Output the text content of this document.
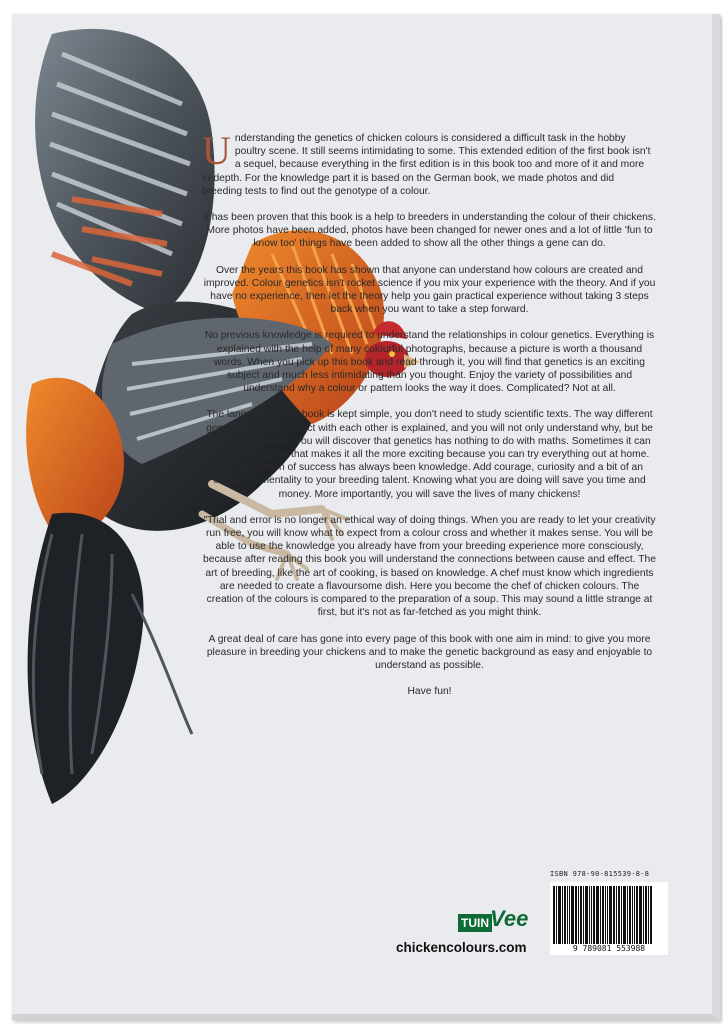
Understanding the genetics of chicken colours is considered a difficult task in the hobby poultry scene. It still seems intimidating to some. This extended edition of the first book isn't a sequel, because everything in the first edition is in this book too and more of it and more in-depth. For the knowledge part it is based on the German book, we made photos and did breeding tests to find out the genotype of a colour.

It has been proven that this book is a help to breeders in understanding the colour of their chickens. More photos have been added, photos have been changed for newer ones and a lot of little 'fun to know too' things have been added to show all the other things a gene can do.

Over the years this book has shown that anyone can understand how colours are created and improved. Colour genetics isn't rocket science if you mix your experience with the theory. And if you have no experience, then let the theory help you gain practical experience without taking 3 steps back when you want to take a step forward.

No previous knowledge is required to understand the relationships in colour genetics. Everything is explained with the help of many colourful photographs, because a picture is worth a thousand words. When you pick up this book and read through it, you will find that genetics is an exciting subject and much less intimidating than you thought. Enjoy the variety of possibilities and understand why a colour or pattern looks the way it does. Complicated? Not at all.

The language in this book is kept simple, you don't need to study scientific texts. The way different genes work and interact with each other is explained, and you will not only understand why, but be able to visualise it. You will discover that genetics has nothing to do with maths. Sometimes it can be confusing, but that makes it all the more exciting because you can try everything out at home. The foundation of success has always been knowledge. Add courage, curiosity and a bit of an explorer's mentality to your breeding talent. Knowing what you are doing will save you time and money. More importantly, you will save the lives of many chickens!

"Trial and error is no longer an ethical way of doing things. When you are ready to let your creativity run free, you will know what to expect from a colour cross and whether it makes sense. You will be able to use the knowledge you already have from your breeding experience more consciously, because after reading this book you will understand the connections between cause and effect. The art of breeding, like the art of cooking, is based on knowledge. A chef must know which ingredients are needed to create a flavoursome dish. Here you become the chef of chicken colours. The creation of the colours is compared to the preparation of a soup. This may sound a little strange at first, but it's not as far-fetched as you might think.

A great deal of care has gone into every page of this book with one aim in mind: to give you more pleasure in breeding your chickens and to make the genetic background as easy and enjoyable to understand as possible.

Have fun!

TUIN Vee
chickencolours.com
ISBN 978-90-815539-8-8
9 789081 553988
